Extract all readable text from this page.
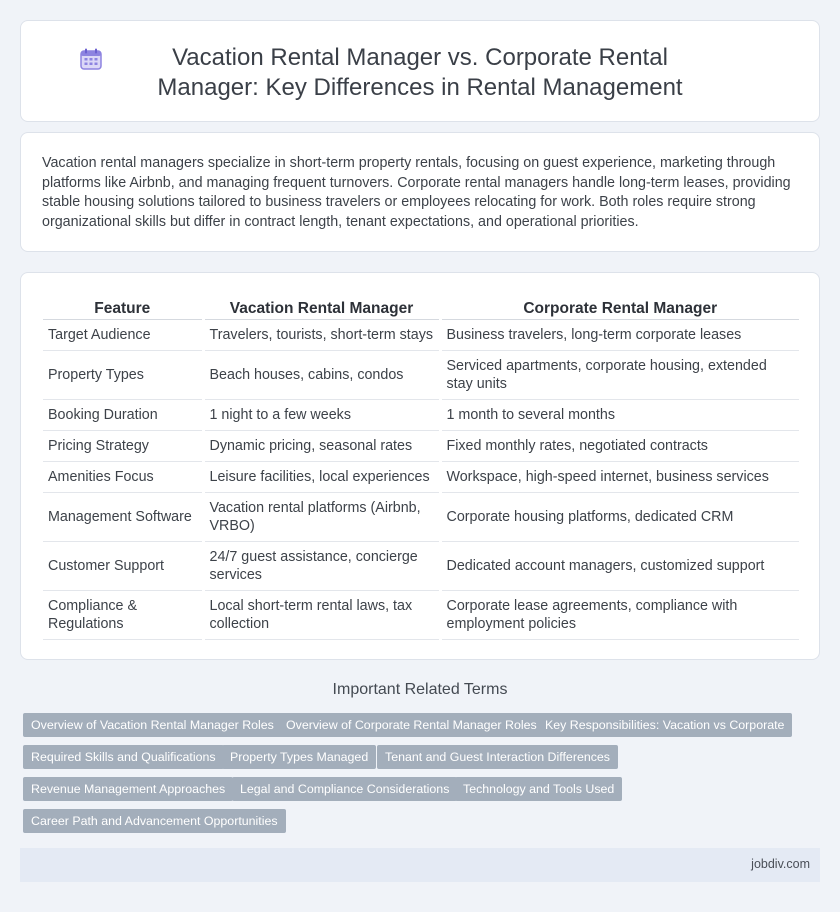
Vacation Rental Manager vs. Corporate Rental Manager: Key Differences in Rental Management

Vacation rental managers specialize in short-term property rentals, focusing on guest experience, marketing through platforms like Airbnb, and managing frequent turnovers. Corporate rental managers handle long-term leases, providing stable housing solutions tailored to business travelers or employees relocating for work. Both roles require strong organizational skills but differ in contract length, tenant expectations, and operational priorities.

Feature	Vacation Rental Manager	Corporate Rental Manager
Target Audience	Travelers, tourists, short-term stays	Business travelers, long-term corporate leases
Property Types	Beach houses, cabins, condos	Serviced apartments, corporate housing, extended stay units
Booking Duration	1 night to a few weeks	1 month to several months
Pricing Strategy	Dynamic pricing, seasonal rates	Fixed monthly rates, negotiated contracts
Amenities Focus	Leisure facilities, local experiences	Workspace, high-speed internet, business services
Management Software	Vacation rental platforms (Airbnb, VRBO)	Corporate housing platforms, dedicated CRM
Customer Support	24/7 guest assistance, concierge services	Dedicated account managers, customized support
Compliance & Regulations	Local short-term rental laws, tax collection	Corporate lease agreements, compliance with employment policies
Important Related Terms
Overview of Vacation Rental Manager Roles Overview of Corporate Rental Manager Roles Key Responsibilities: Vacation vs Corporate
Required Skills and Qualifications	Property Types Managed	Tenant and Guest Interaction Differences
Revenue Management Approaches	Legal and Compliance Considerations	Technology and Tools Used
Career Path and Advancement Opportunities
jobdiv.com
